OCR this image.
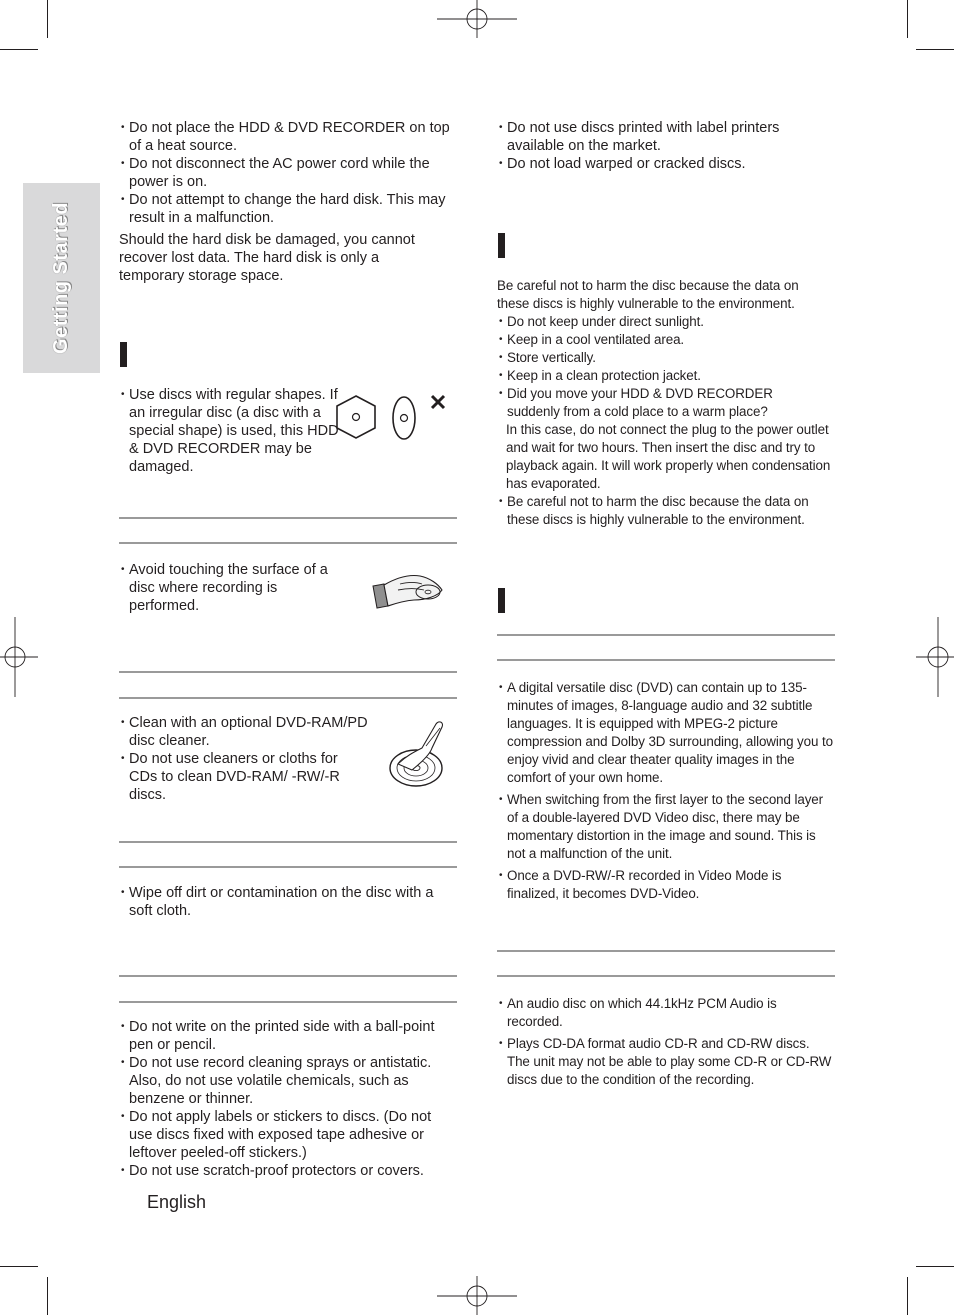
Getting Started
• Do not place the HDD & DVD RECORDER on top of a heat source.
• Do not disconnect the AC power cord while the power is on.
• Do not attempt to change the hard disk. This may result in a malfunction.
Should the hard disk be damaged, you cannot recover lost data. The hard disk is only a temporary storage space.
• Use discs with regular shapes. If an irregular disc (a disc with a special shape) is used, this HDD & DVD RECORDER may be damaged.
• Avoid touching the surface of a disc where recording is performed.
• Clean with an optional DVD-RAM/PD disc cleaner.
• Do not use cleaners or cloths for CDs to clean DVD-RAM/ -RW/-R discs.
• Wipe off dirt or contamination on the disc with a soft cloth.
• Do not write on the printed side with a ball-point pen or pencil.
• Do not use record cleaning sprays or antistatic. Also, do not use volatile chemicals, such as benzene or thinner.
• Do not apply labels or stickers to discs. (Do not use discs fixed with exposed tape adhesive or leftover peeled-off stickers.)
• Do not use scratch-proof protectors or covers.
English
• Do not use discs printed with label printers available on the market.
• Do not load warped or cracked discs.
Be careful not to harm the disc because the data on these discs is highly vulnerable to the environment.
• Do not keep under direct sunlight.
• Keep in a cool ventilated area.
• Store vertically.
• Keep in a clean protection jacket.
• Did you move your HDD & DVD RECORDER suddenly from a cold place to a warm place?
In this case, do not connect the plug to the power outlet and wait for two hours. Then insert the disc and try to playback again. It will work properly when condensation has evaporated.
• Be careful not to harm the disc because the data on these discs is highly vulnerable to the environment.
• A digital versatile disc (DVD) can contain up to 135-minutes of images, 8-language audio and 32 subtitle languages. It is equipped with MPEG-2 picture compression and Dolby 3D surrounding, allowing you to enjoy vivid and clear theater quality images in the comfort of your own home.
• When switching from the first layer to the second layer of a double-layered DVD Video disc, there may be momentary distortion in the image and sound. This is not a malfunction of the unit.
• Once a DVD-RW/-R recorded in Video Mode is finalized, it becomes DVD-Video.
• An audio disc on which 44.1kHz PCM Audio is recorded.
• Plays CD-DA format audio CD-R and CD-RW discs. The unit may not be able to play some CD-R or CD-RW discs due to the condition of the recording.
